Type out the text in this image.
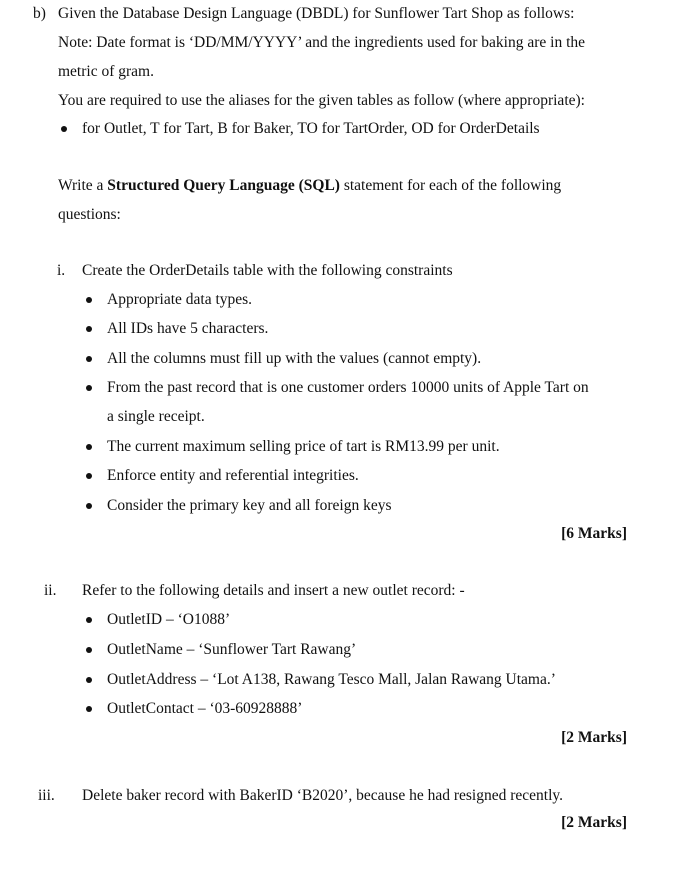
b) Given the Database Design Language (DBDL) for Sunflower Tart Shop as follows:
Note: Date format is ‘DD/MM/YYYY’ and the ingredients used for baking are in the
metric of gram.
You are required to use the aliases for the given tables as follow (where appropriate):
for Outlet, T for Tart, B for Baker, TO for TartOrder, OD for OrderDetails
Write a Structured Query Language (SQL) statement for each of the following
questions:
i. Create the OrderDetails table with the following constraints
Appropriate data types.
All IDs have 5 characters.
All the columns must fill up with the values (cannot empty).
From the past record that is one customer orders 10000 units of Apple Tart on
a single receipt.
The current maximum selling price of tart is RM13.99 per unit.
Enforce entity and referential integrities.
Consider the primary key and all foreign keys
[6 Marks]
ii. Refer to the following details and insert a new outlet record: -
OutletID – ‘O1088’
OutletName – ‘Sunflower Tart Rawang’
OutletAddress – ‘Lot A138, Rawang Tesco Mall, Jalan Rawang Utama.’
OutletContact – ‘03-60928888’
[2 Marks]
iii. Delete baker record with BakerID ‘B2020’, because he had resigned recently.
[2 Marks]
